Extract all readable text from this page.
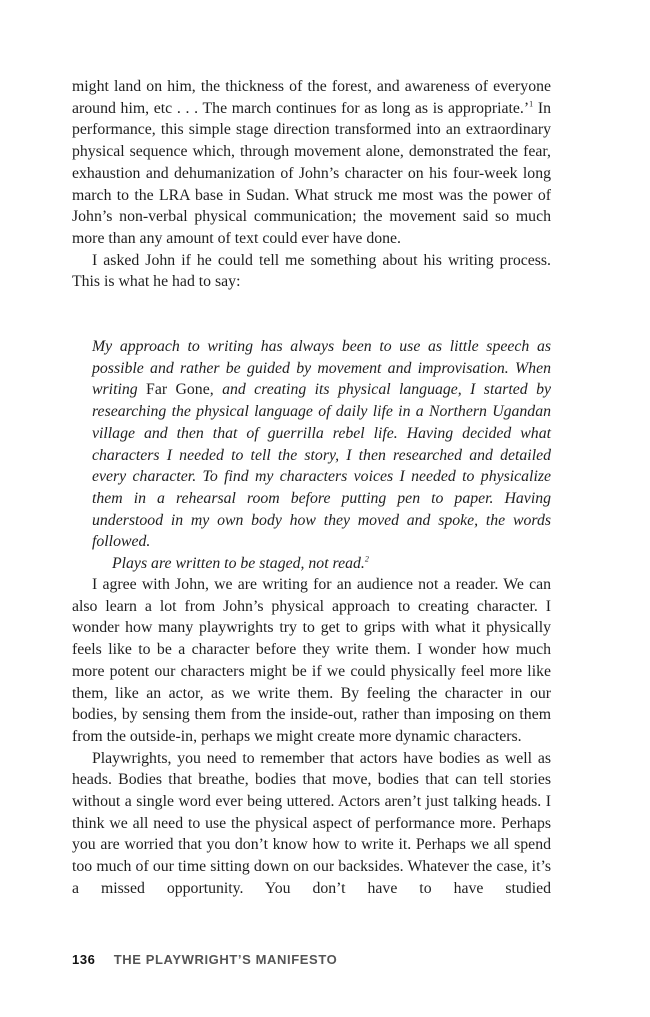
might land on him, the thickness of the forest, and awareness of everyone around him, etc . . . The march continues for as long as is appropriate.’$^1$ In performance, this simple stage direction transformed into an extraordinary physical sequence which, through movement alone, demonstrated the fear, exhaustion and dehumanization of John’s character on his four-week long march to the LRA base in Sudan. What struck me most was the power of John’s non-verbal physical communication; the movement said so much more than any amount of text could ever have done.

I asked John if he could tell me something about his writing process. This is what he had to say:

My approach to writing has always been to use as little speech as possible and rather be guided by movement and improvisation. When writing Far Gone, and creating its physical language, I started by researching the physical language of daily life in a Northern Ugandan village and then that of guerrilla rebel life. Having decided what characters I needed to tell the story, I then researched and detailed every character. To find my characters voices I needed to physicalize them in a rehearsal room before putting pen to paper. Having understood in my own body how they moved and spoke, the words followed.

Plays are written to be staged, not read.$^2$

I agree with John, we are writing for an audience not a reader. We can also learn a lot from John’s physical approach to creating character. I wonder how many playwrights try to get to grips with what it physically feels like to be a character before they write them. I wonder how much more potent our characters might be if we could physically feel more like them, like an actor, as we write them. By feeling the character in our bodies, by sensing them from the inside-out, rather than imposing on them from the outside-in, perhaps we might create more dynamic characters.

Playwrights, you need to remember that actors have bodies as well as heads. Bodies that breathe, bodies that move, bodies that can tell stories without a single word ever being uttered. Actors aren’t just talking heads. I think we all need to use the physical aspect of performance more. Perhaps you are worried that you don’t know how to write it. Perhaps we all spend too much of our time sitting down on our backsides. Whatever the case, it’s a missed opportunity. You don’t have to have studied

136 THE PLAYWRIGHT’S MANIFESTO
